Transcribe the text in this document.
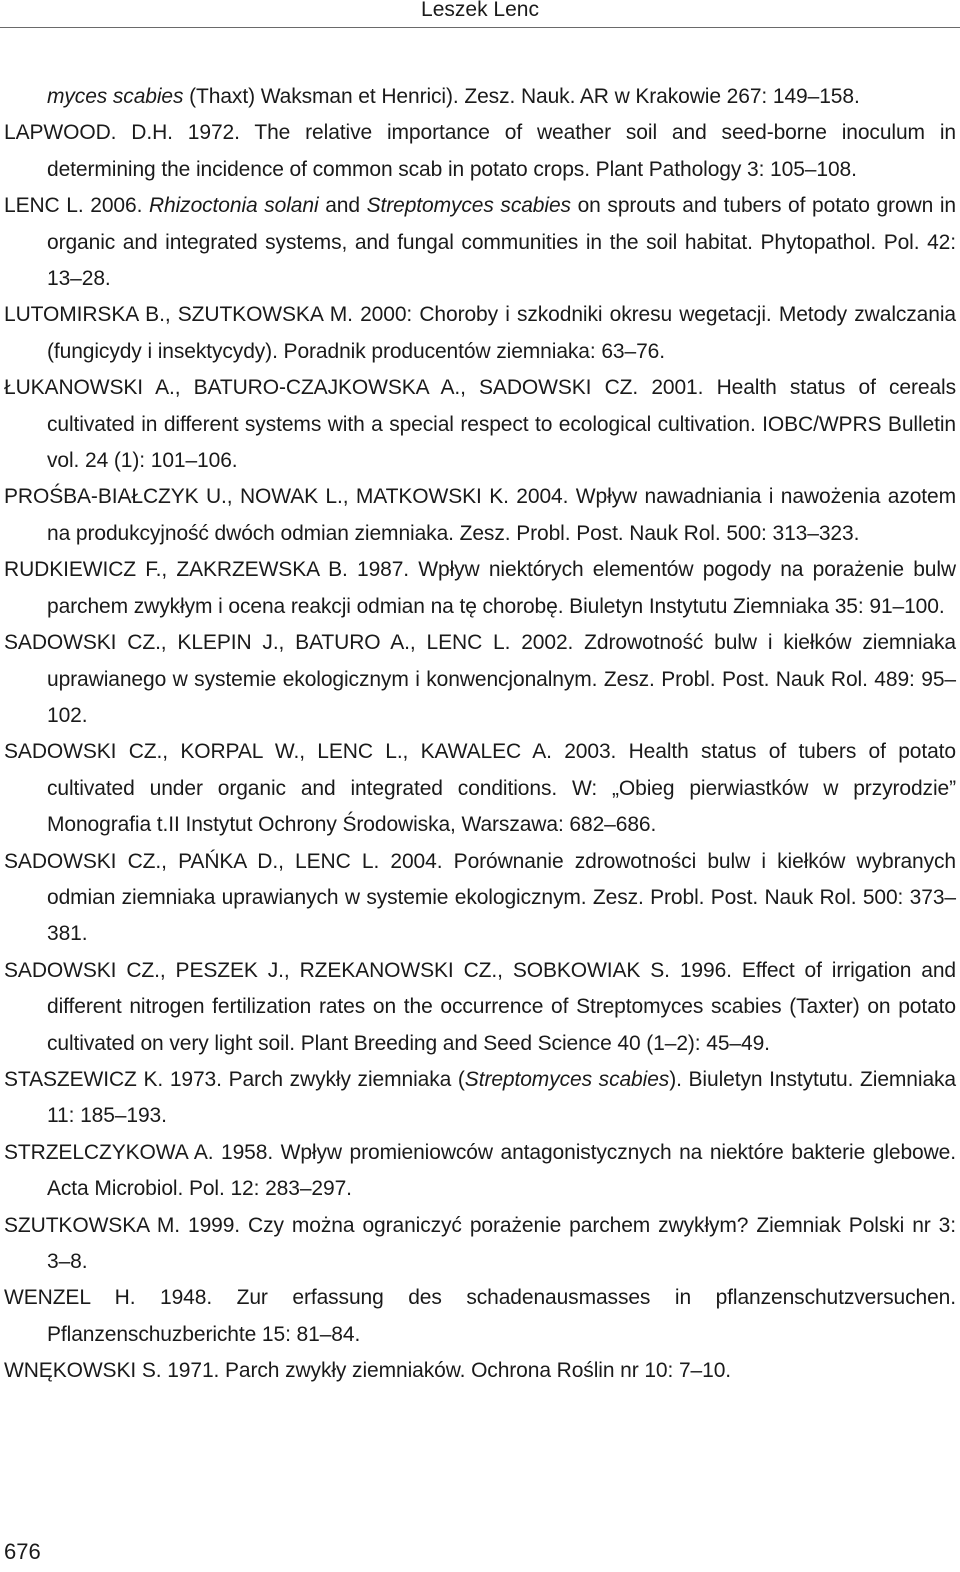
Leszek Lenc

myces scabies (Thaxt) Waksman et Henrici). Zesz. Nauk. AR w Krakowie 267: 149–158.

LAPWOOD. D.H. 1972. The relative importance of weather soil and seed-borne inoculum in determining the incidence of common scab in potato crops. Plant Pathology 3: 105–108.

LENC L. 2006. Rhizoctonia solani and Streptomyces scabies on sprouts and tubers of potato grown in organic and integrated systems, and fungal communities in the soil habitat. Phytopathol. Pol. 42: 13–28.

LUTOMIRSKA B., SZUTKOWSKA M. 2000: Choroby i szkodniki okresu wegetacji. Metody zwalczania (fungicydy i insektycydy). Poradnik producentów ziemniaka: 63–76.

ŁUKANOWSKI A., BATURO-CZAJKOWSKA A., SADOWSKI CZ. 2001. Health status of cereals cultivated in different systems with a special respect to ecological cultivation. IOBC/WPRS Bulletin vol. 24 (1): 101–106.

PROŚBA-BIAŁCZYK U., NOWAK L., MATKOWSKI K. 2004. Wpływ nawadniania i nawożenia azotem na produkcyjność dwóch odmian ziemniaka. Zesz. Probl. Post. Nauk Rol. 500: 313–323.

RUDKIEWICZ F., ZAKRZEWSKA B. 1987. Wpływ niektórych elementów pogody na porażenie bulw parchem zwykłym i ocena reakcji odmian na tę chorobę. Biuletyn Instytutu Ziemniaka 35: 91–100.

SADOWSKI CZ., KLEPIN J., BATURO A., LENC L. 2002. Zdrowotność bulw i kiełków ziemniaka uprawianego w systemie ekologicznym i konwencjonalnym. Zesz. Probl. Post. Nauk Rol. 489: 95–102.

SADOWSKI CZ., KORPAL W., LENC L., KAWALEC A. 2003. Health status of tubers of potato cultivated under organic and integrated conditions. W: „Obieg pierwiastków w przyrodzie” Monografia t.II Instytut Ochrony Środowiska, Warszawa: 682–686.

SADOWSKI CZ., PAŃKA D., LENC L. 2004. Porównanie zdrowotności bulw i kiełków wybranych odmian ziemniaka uprawianych w systemie ekologicznym. Zesz. Probl. Post. Nauk Rol. 500: 373–381.

SADOWSKI CZ., PESZEK J., RZEKANOWSKI CZ., SOBKOWIAK S. 1996. Effect of irrigation and different nitrogen fertilization rates on the occurrence of Streptomyces scabies (Taxter) on potato cultivated on very light soil. Plant Breeding and Seed Science 40 (1–2): 45–49.

STASZEWICZ K. 1973. Parch zwykły ziemniaka (Streptomyces scabies). Biuletyn Instytutu. Ziemniaka 11: 185–193.

STRZELCZYKOWA A. 1958. Wpływ promieniowców antagonistycznych na niektóre bakterie glebowe. Acta Microbiol. Pol. 12: 283–297.

SZUTKOWSKA M. 1999. Czy można ograniczyć porażenie parchem zwykłym? Ziemniak Polski nr 3: 3–8.

WENZEL H. 1948. Zur erfassung des schadenausmasses in pflanzenschutzversuchen. Pflanzenschuzberichte 15: 81–84.

WNĘKOWSKI S. 1971. Parch zwykły ziemniaków. Ochrona Roślin nr 10: 7–10.

676
